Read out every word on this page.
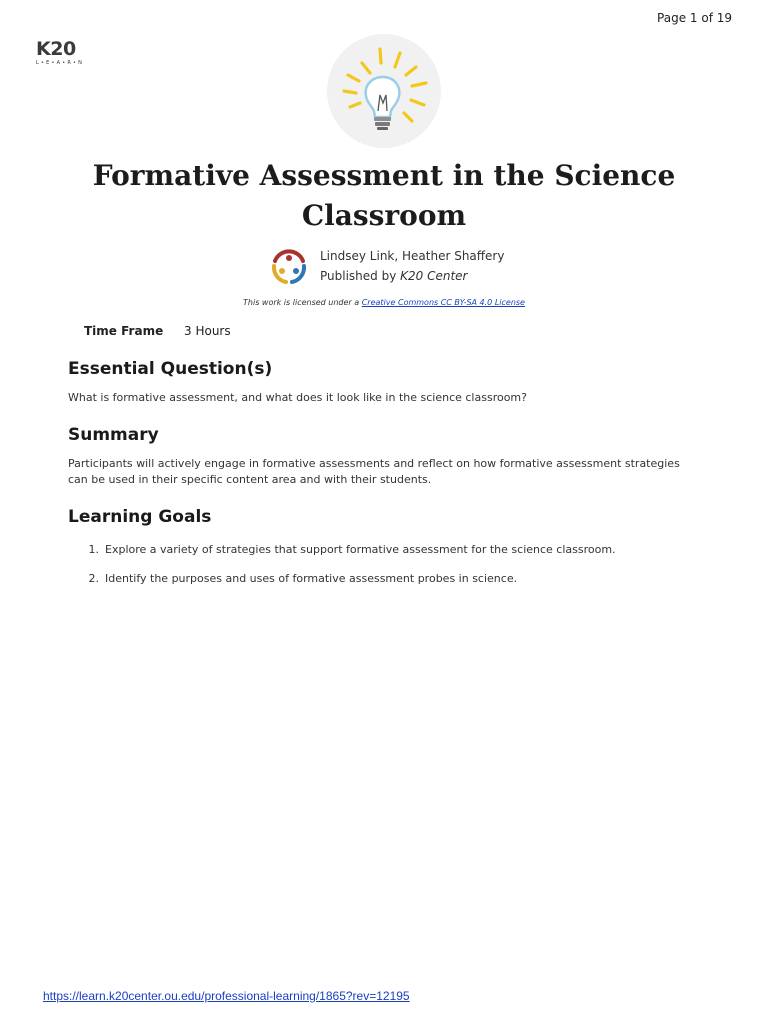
Page 1 of 19
K20
L • E • A • R • N
Formative Assessment in the Science Classroom
Lindsey Link, Heather Shaffery
Published by K20 Center
This work is licensed under a Creative Commons CC BY-SA 4.0 License
Time Frame	3 Hours
Essential Question(s)

What is formative assessment, and what does it look like in the science classroom?

Summary

Participants will actively engage in formative assessments and reflect on how formative assessment strategies can be used in their specific content area and with their students.

Learning Goals
1. Explore a variety of strategies that support formative assessment for the science classroom.
2. Identify the purposes and uses of formative assessment probes in science.
https://learn.k20center.ou.edu/professional-learning/1865?rev=12195
